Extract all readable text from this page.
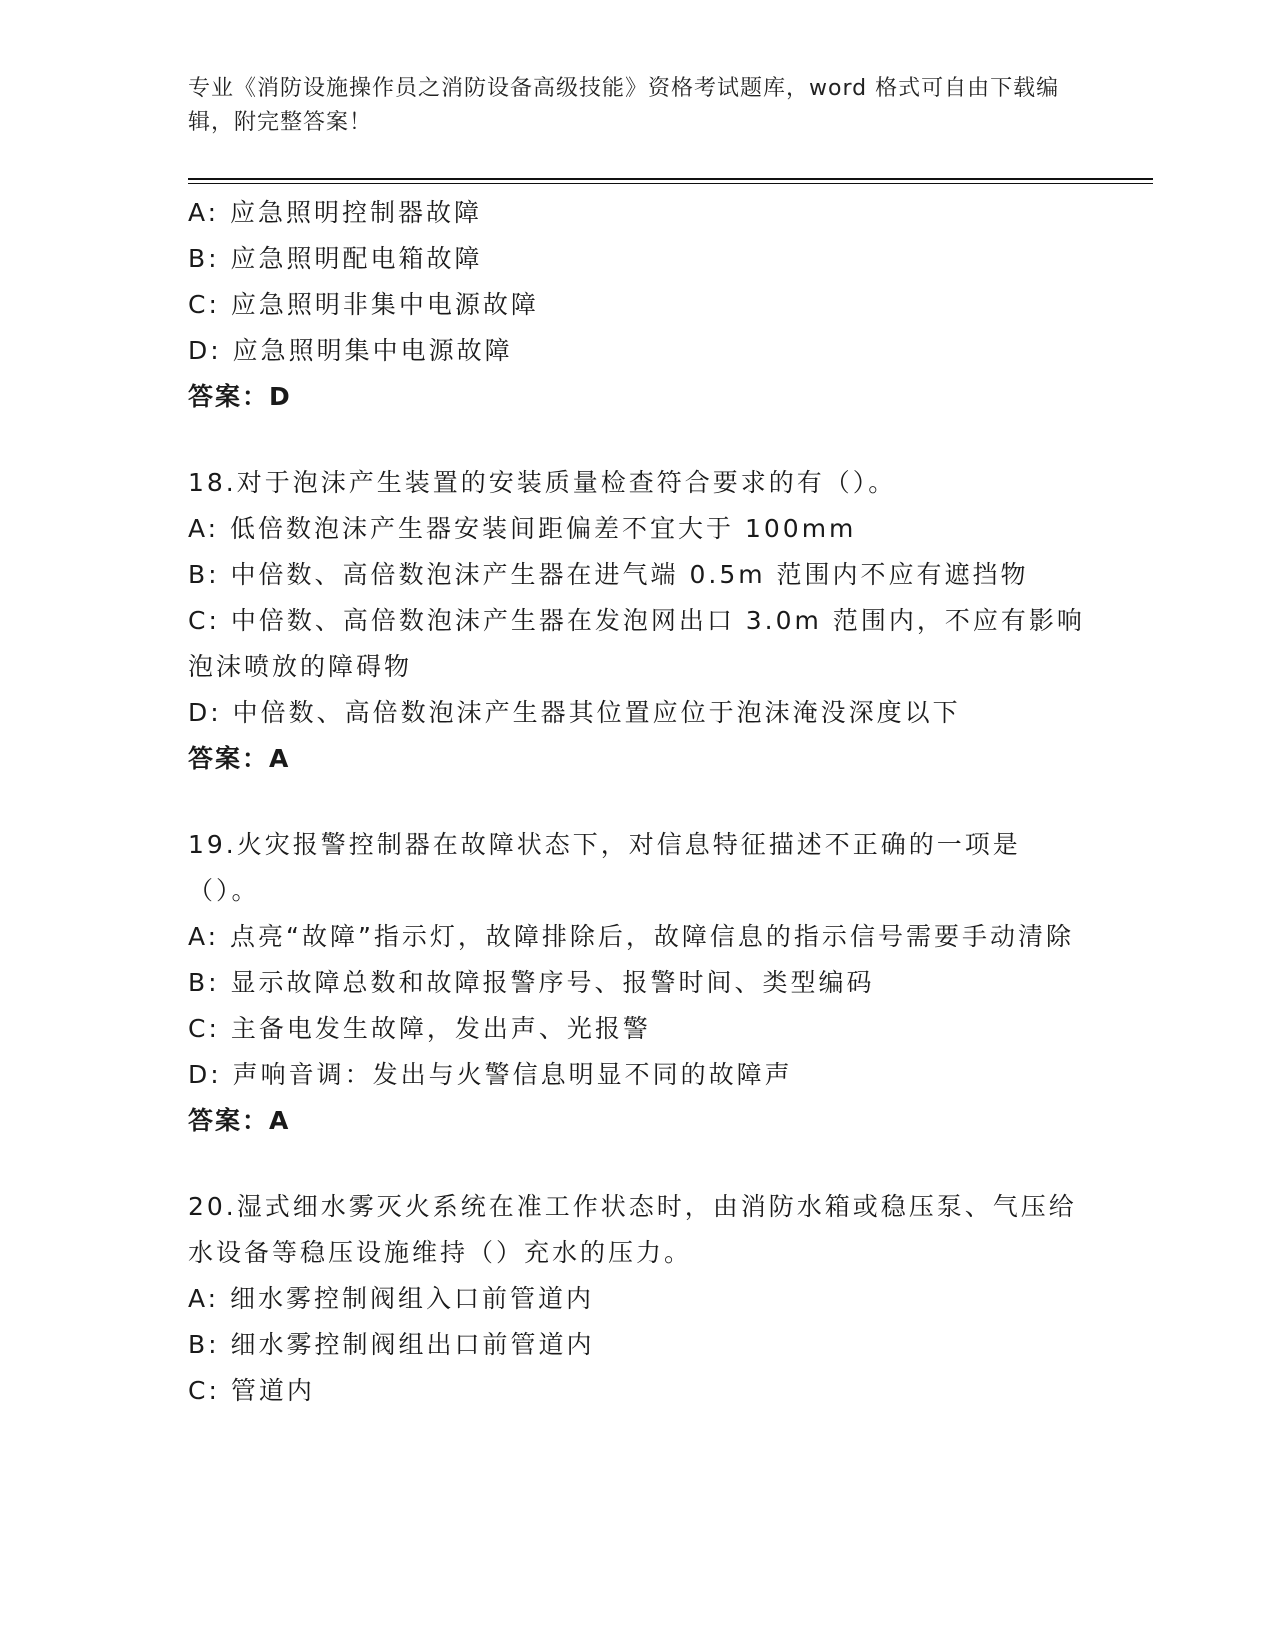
专业《消防设施操作员之消防设备高级技能》资格考试题库，word 格式可自由下载编辑，附完整答案！
A: 应急照明控制器故障
B: 应急照明配电箱故障
C: 应急照明非集中电源故障
D: 应急照明集中电源故障
答案：D
18.对于泡沫产生装置的安装质量检查符合要求的有（）。
A: 低倍数泡沫产生器安装间距偏差不宜大于 100mm
B: 中倍数、高倍数泡沫产生器在进气端 0.5m 范围内不应有遮挡物
C: 中倍数、高倍数泡沫产生器在发泡网出口 3.0m 范围内，不应有影响泡沫喷放的障碍物
D: 中倍数、高倍数泡沫产生器其位置应位于泡沫淹没深度以下
答案：A
19.火灾报警控制器在故障状态下，对信息特征描述不正确的一项是（）。
A: 点亮“故障”指示灯，故障排除后，故障信息的指示信号需要手动清除
B: 显示故障总数和故障报警序号、报警时间、类型编码
C: 主备电发生故障，发出声、光报警
D: 声响音调：发出与火警信息明显不同的故障声
答案：A
20.湿式细水雾灭火系统在准工作状态时，由消防水箱或稳压泵、气压给水设备等稳压设施维持（）充水的压力。
A: 细水雾控制阀组入口前管道内
B: 细水雾控制阀组出口前管道内
C: 管道内
